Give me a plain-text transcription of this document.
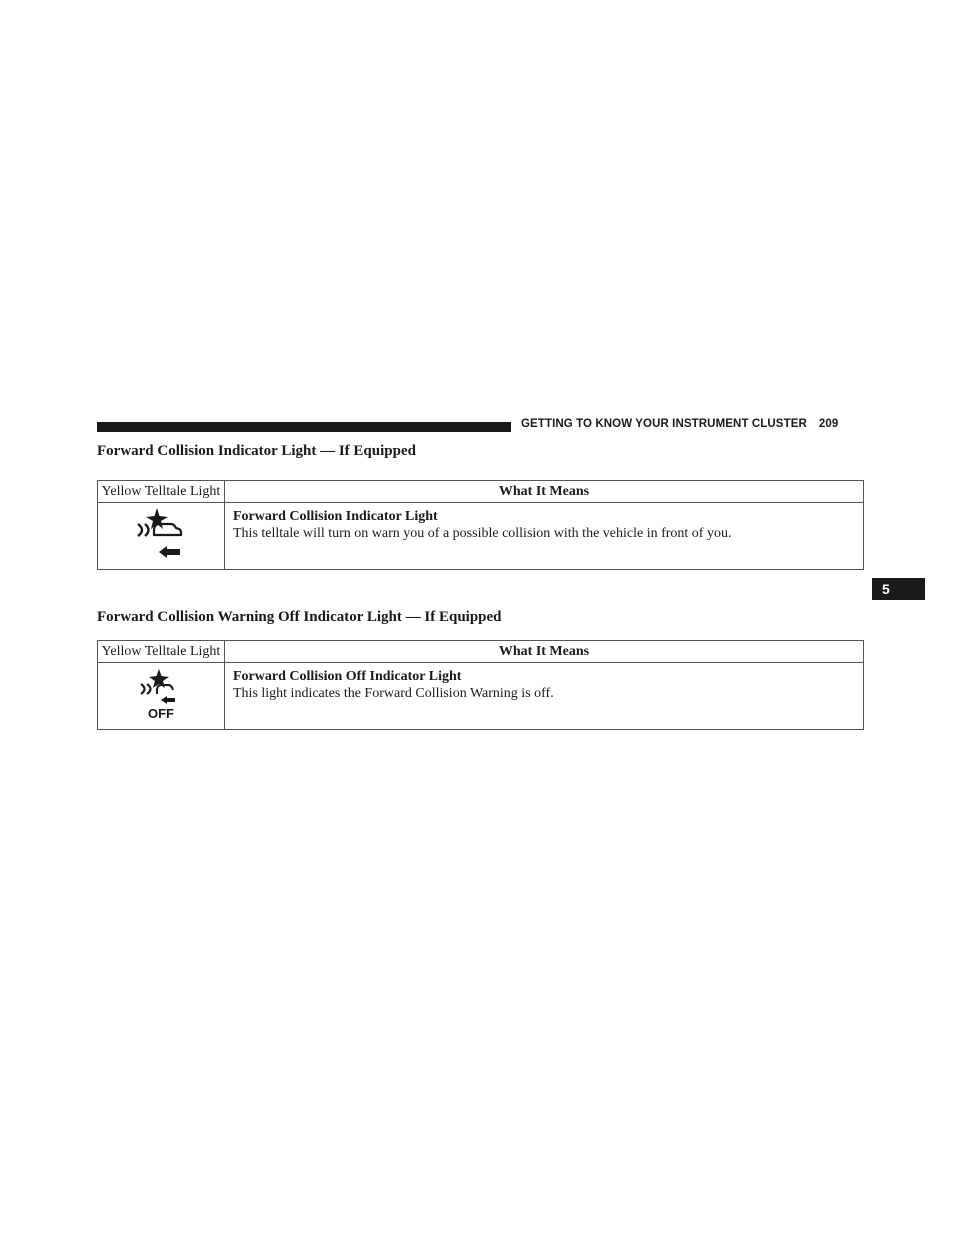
GETTING TO KNOW YOUR INSTRUMENT CLUSTER 209
5
Forward Collision Indicator Light — If Equipped
Yellow Telltale Light	What It Means

Forward Collision Indicator Light
This telltale will turn on warn you of a possible collision with the vehicle in front of you.
Forward Collision Warning Off Indicator Light — If Equipped
Yellow Telltale Light	What It Means

OFF	Forward Collision Off Indicator Light
This light indicates the Forward Collision Warning is off.
